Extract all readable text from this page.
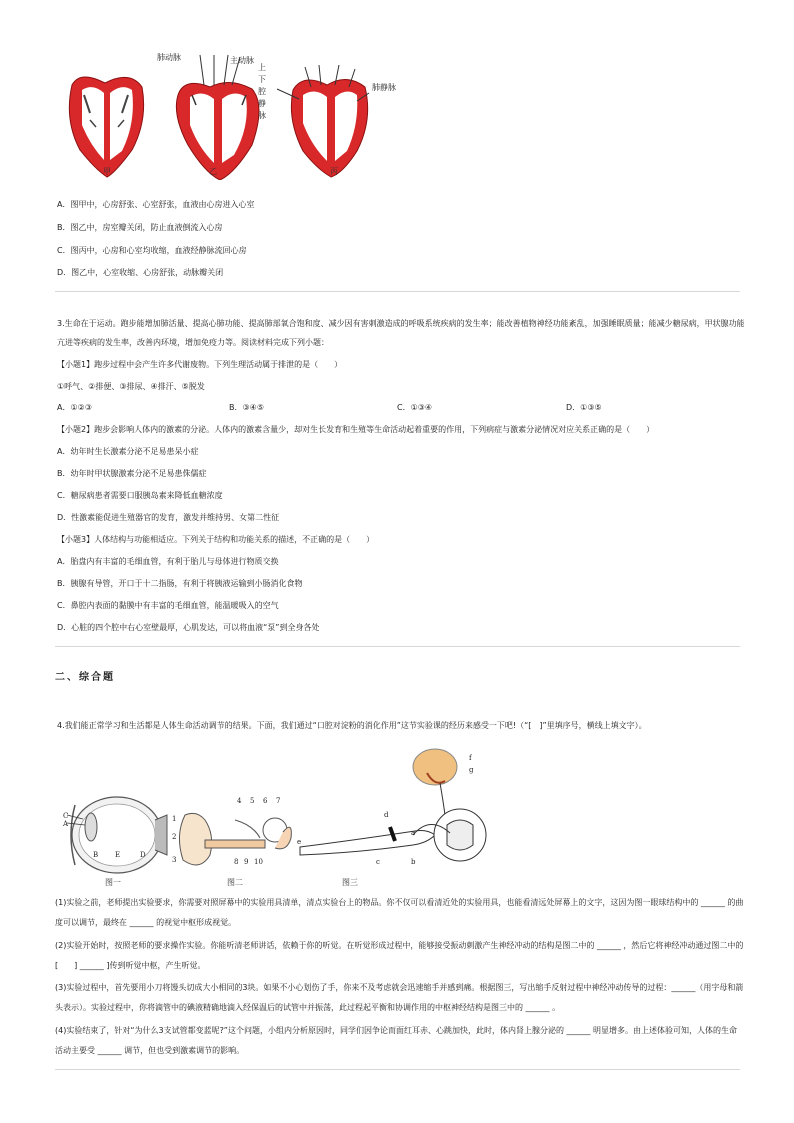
肺动脉	主动脉
上下腔静脉
肺静脉
甲	乙	丙
A．图甲中，心房舒张、心室舒张，血液由心房进入心室
B．图乙中，房室瓣关闭，防止血液倒流入心房
C．图丙中，心房和心室均收缩，血液经静脉流回心房
D．图乙中，心室收缩、心房舒张，动脉瓣关闭
3.生命在于运动。跑步能增加肺活量、提高心肺功能、提高肺部氧合饱和度、减少因有害刺激造成的呼吸系统疾病的发生率；能改善植物神经功能紊乱，加强睡眠质量；能减少糖尿病，甲状腺功能亢进等疾病的发生率，改善内环境，增加免疫力等。阅读材料完成下列小题：
【小题1】跑步过程中会产生许多代谢废物。下列生理活动属于排泄的是（　　）
①呼气、②排便、③排尿、④排汗、⑤脱发
A．①②③	B．③④⑤	C．①③④	D．①③⑤
【小题2】跑步会影响人体内的激素的分泌。人体内的激素含量少，却对生长发育和生殖等生命活动起着重要的作用，下列病症与激素分泌情况对应关系正确的是（　　）
A．幼年时生长激素分泌不足易患呆小症
B．幼年时甲状腺激素分泌不足易患侏儒症
C．糖尿病患者需要口服胰岛素来降低血糖浓度
D．性激素能促进生殖器官的发育，激发并维持男、女第二性征
【小题3】人体结构与功能相适应。下列关于结构和功能关系的描述，不正确的是（　　）
A．胎盘内有丰富的毛细血管，有利于胎儿与母体进行物质交换
B．胰腺有导管，开口于十二指肠，有利于将胰液运输到小肠消化食物
C．鼻腔内表面的黏膜中有丰富的毛细血管，能温暖吸入的空气
D．心脏的四个腔中右心室壁最厚，心肌发达，可以将血液“泵”到全身各处
二、综合题
4.我们能正常学习和生活都是人体生命活动调节的结果。下面，我们通过“口腔对淀粉的消化作用”这节实验课的经历来感受一下吧!（“[　]”里填序号，横线上填文字）。
C
A
B E	D
1
2
3
4 5 6 7
8 9 10
e
d
c	b
a
f
g
图一	图二	图三
(1)实验之前，老师提出实验要求，你需要对照屏幕中的实验用具清单，清点实验台上的物品。你不仅可以看清近处的实验用具，也能看清远处屏幕上的文字，这因为图一眼球结构中的 ______ 的曲度可以调节，最终在 ______ 的视觉中枢形成视觉。
(2)实验开始时，按照老师的要求操作实验。你能听清老师讲话，依赖于你的听觉。在听觉形成过程中，能够接受振动刺激产生神经冲动的结构是图二中的 ______ ，然后它将神经冲动通过图二中的[　　] ______ ]传到听觉中枢，产生听觉。
(3)实验过程中，首先要用小刀将馒头切成大小相同的3块。如果不小心划伤了手，你来不及考虑就会迅速缩手并感到痛。根据图三，写出缩手反射过程中神经冲动传导的过程：______（用字母和箭头表示）。实验过程中，你将滴管中的碘液精确地滴入经保温后的试管中并振荡，此过程起平衡和协调作用的中枢神经结构是图三中的 ______ 。
(4)实验结束了，针对“为什么3支试管都变蓝呢?”这个问题，小组内分析原因时，同学们因争论而面红耳赤、心跳加快，此时，体内肾上腺分泌的 ______ 明显增多。由上述体验可知，人体的生命活动主要受 ______ 调节，但也受到激素调节的影响。
